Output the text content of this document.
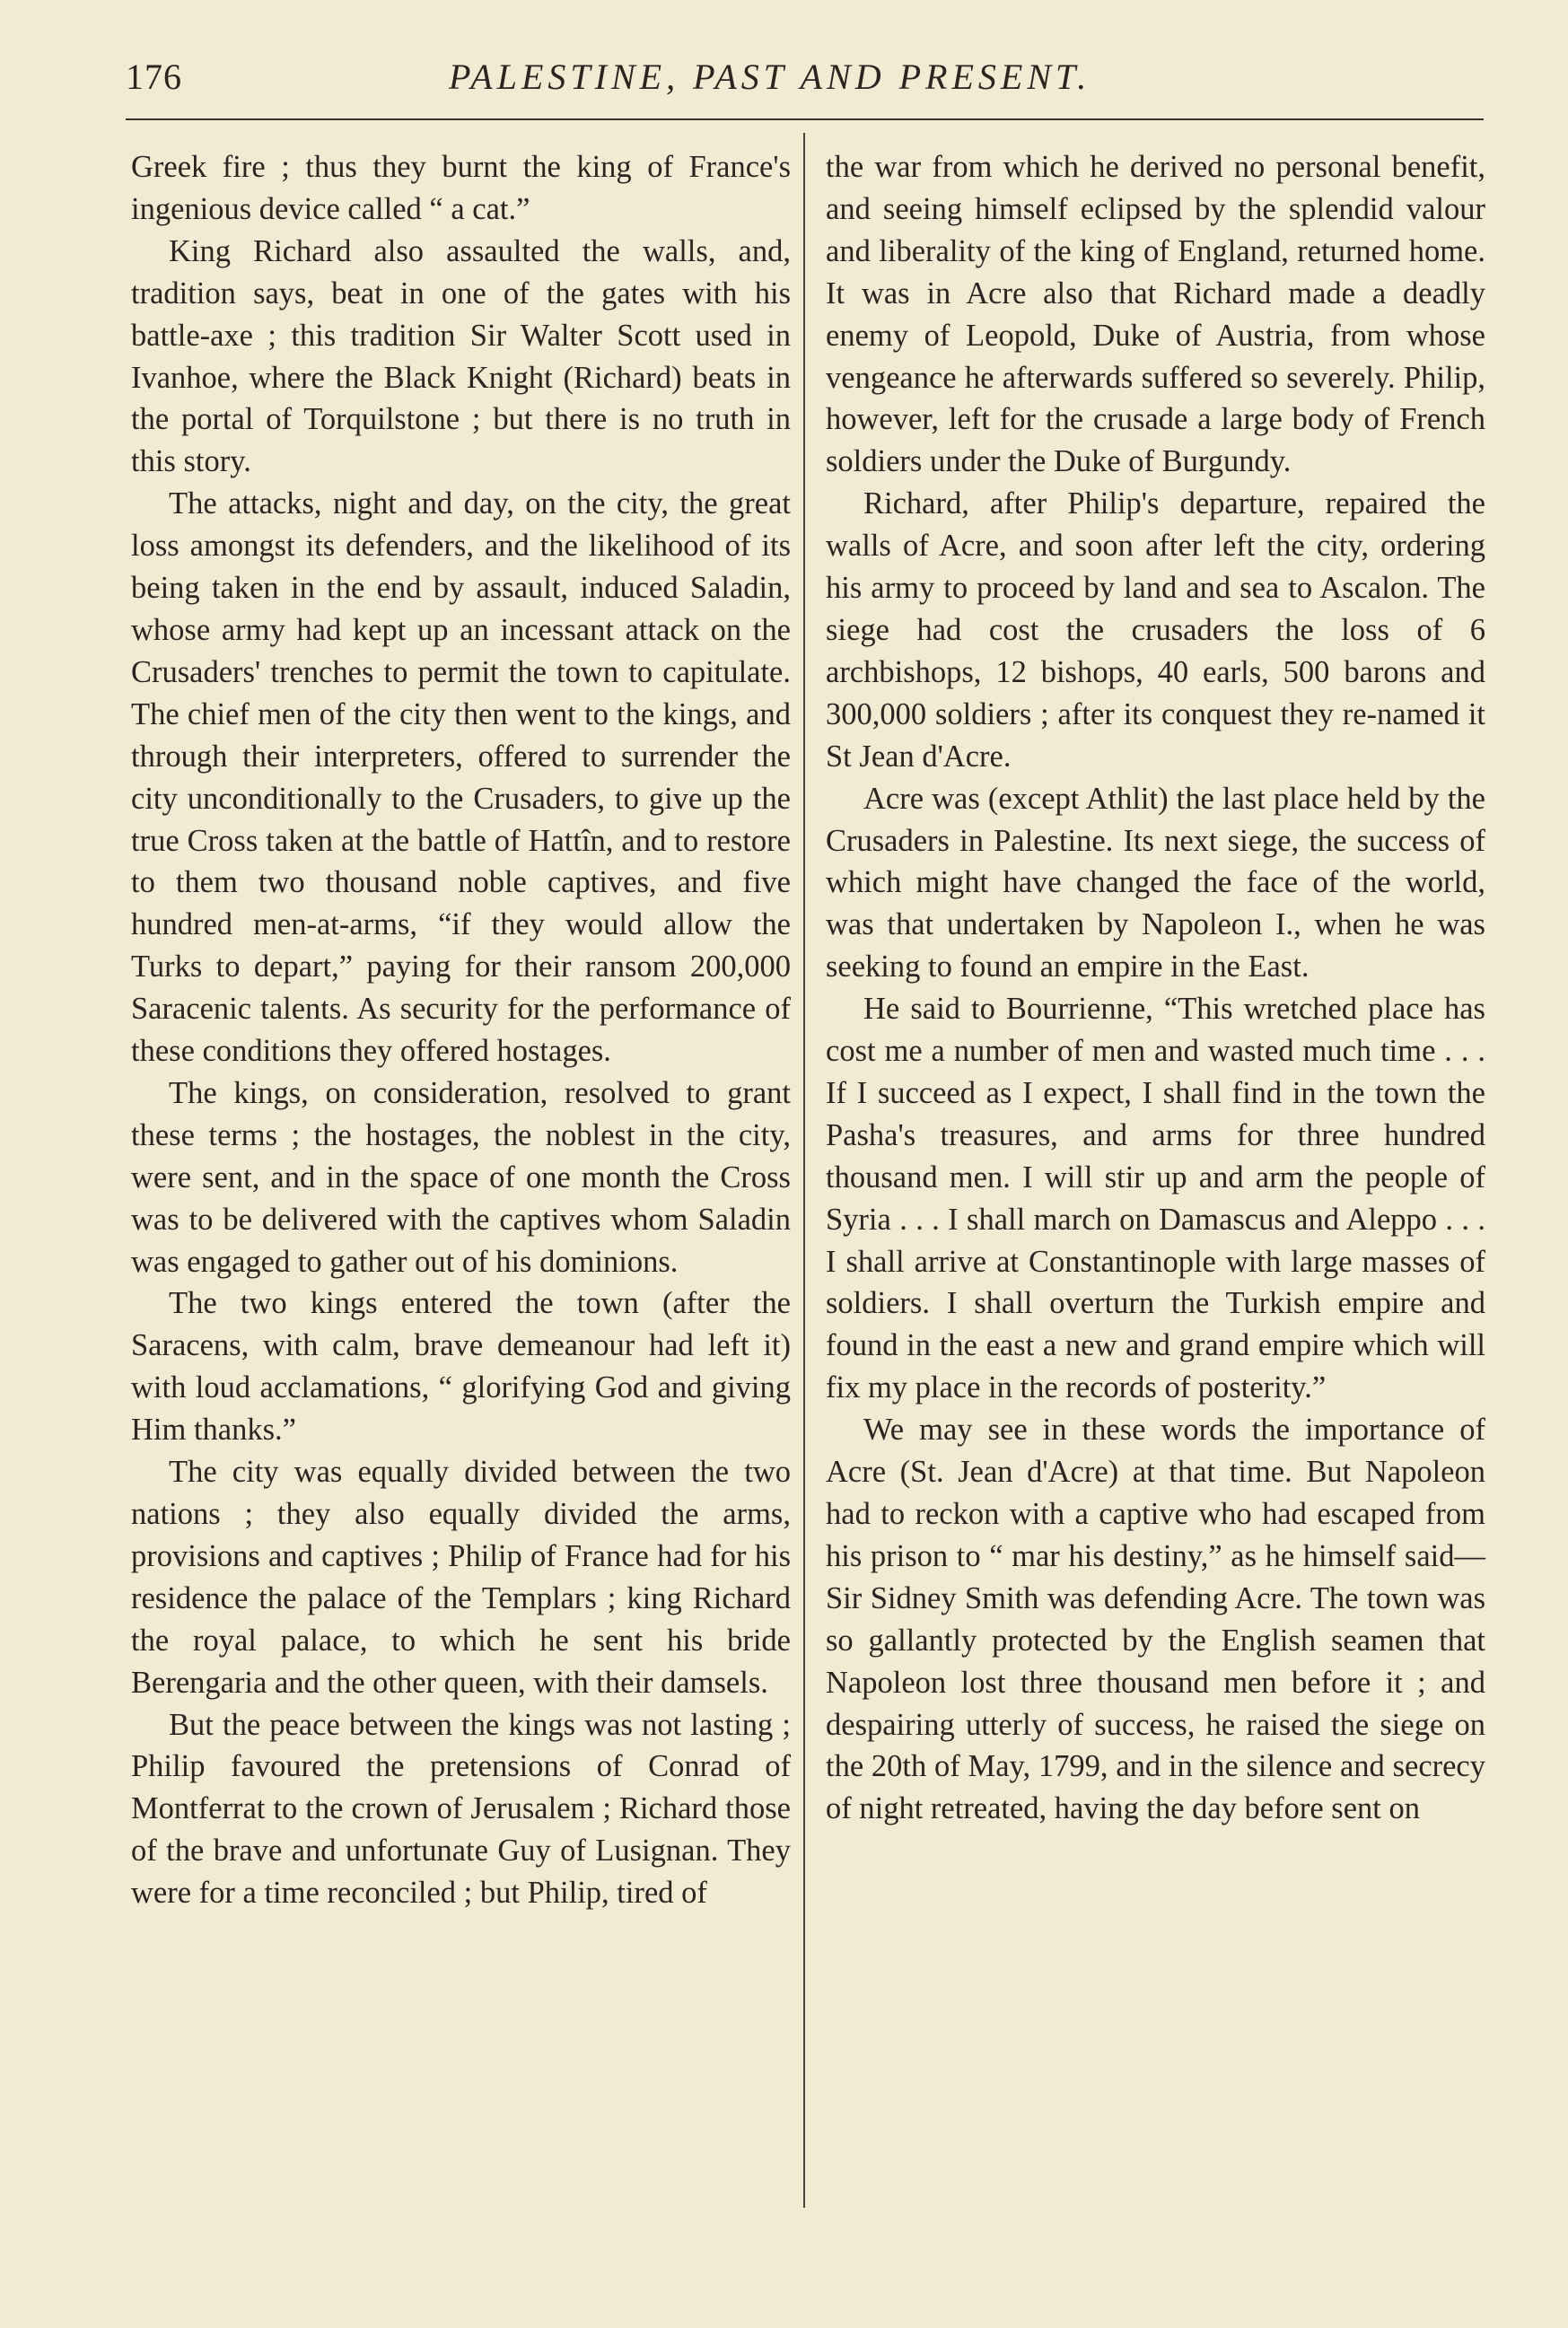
176	PALESTINE, PAST AND PRESENT.

Greek fire ; thus they burnt the king of France's ingenious device called “ a cat.”

King Richard also assaulted the walls, and, tradition says, beat in one of the gates with his battle-axe ; this tradition Sir Walter Scott used in Ivanhoe, where the Black Knight (Richard) beats in the portal of Torquilstone ; but there is no truth in this story.

The attacks, night and day, on the city, the great loss amongst its defenders, and the likelihood of its being taken in the end by assault, induced Saladin, whose army had kept up an incessant attack on the Crusaders' trenches to permit the town to capitulate. The chief men of the city then went to the kings, and through their interpreters, offered to surrender the city unconditionally to the Crusaders, to give up the true Cross taken at the battle of Hattîn, and to restore to them two thousand noble captives, and five hundred men-at-arms, “if they would allow the Turks to depart,” paying for their ransom 200,000 Saracenic talents. As security for the performance of these conditions they offered hostages.

The kings, on consideration, resolved to grant these terms ; the hostages, the noblest in the city, were sent, and in the space of one month the Cross was to be delivered with the captives whom Saladin was engaged to gather out of his dominions.

The two kings entered the town (after the Saracens, with calm, brave demeanour had left it) with loud acclamations, “ glorifying God and giving Him thanks.”

The city was equally divided between the two nations ; they also equally divided the arms, provisions and captives ; Philip of France had for his residence the palace of the Templars ; king Richard the royal palace, to which he sent his bride Berengaria and the other queen, with their damsels.

But the peace between the kings was not lasting ; Philip favoured the pretensions of Conrad of Montferrat to the crown of Jerusalem ; Richard those of the brave and unfortunate Guy of Lusignan. They were for a time reconciled ; but Philip, tired of

the war from which he derived no personal benefit, and seeing himself eclipsed by the splendid valour and liberality of the king of England, returned home. It was in Acre also that Richard made a deadly enemy of Leopold, Duke of Austria, from whose vengeance he afterwards suffered so severely. Philip, however, left for the crusade a large body of French soldiers under the Duke of Burgundy.

Richard, after Philip's departure, repaired the walls of Acre, and soon after left the city, ordering his army to proceed by land and sea to Ascalon. The siege had cost the crusaders the loss of 6 archbishops, 12 bishops, 40 earls, 500 barons and 300,000 soldiers ; after its conquest they re-named it St Jean d'Acre.

Acre was (except Athlit) the last place held by the Crusaders in Palestine. Its next siege, the success of which might have changed the face of the world, was that undertaken by Napoleon I., when he was seeking to found an empire in the East.

He said to Bourrienne, “This wretched place has cost me a number of men and wasted much time . . . If I succeed as I expect, I shall find in the town the Pasha's treasures, and arms for three hundred thousand men. I will stir up and arm the people of Syria . . . I shall march on Damascus and Aleppo . . . I shall arrive at Constantinople with large masses of soldiers. I shall overturn the Turkish empire and found in the east a new and grand empire which will fix my place in the records of posterity.”

We may see in these words the importance of Acre (St. Jean d'Acre) at that time. But Napoleon had to reckon with a captive who had escaped from his prison to “ mar his destiny,” as he himself said—Sir Sidney Smith was defending Acre. The town was so gallantly protected by the English seamen that Napoleon lost three thousand men before it ; and despairing utterly of success, he raised the siege on the 20th of May, 1799, and in the silence and secrecy of night retreated, having the day before sent on
